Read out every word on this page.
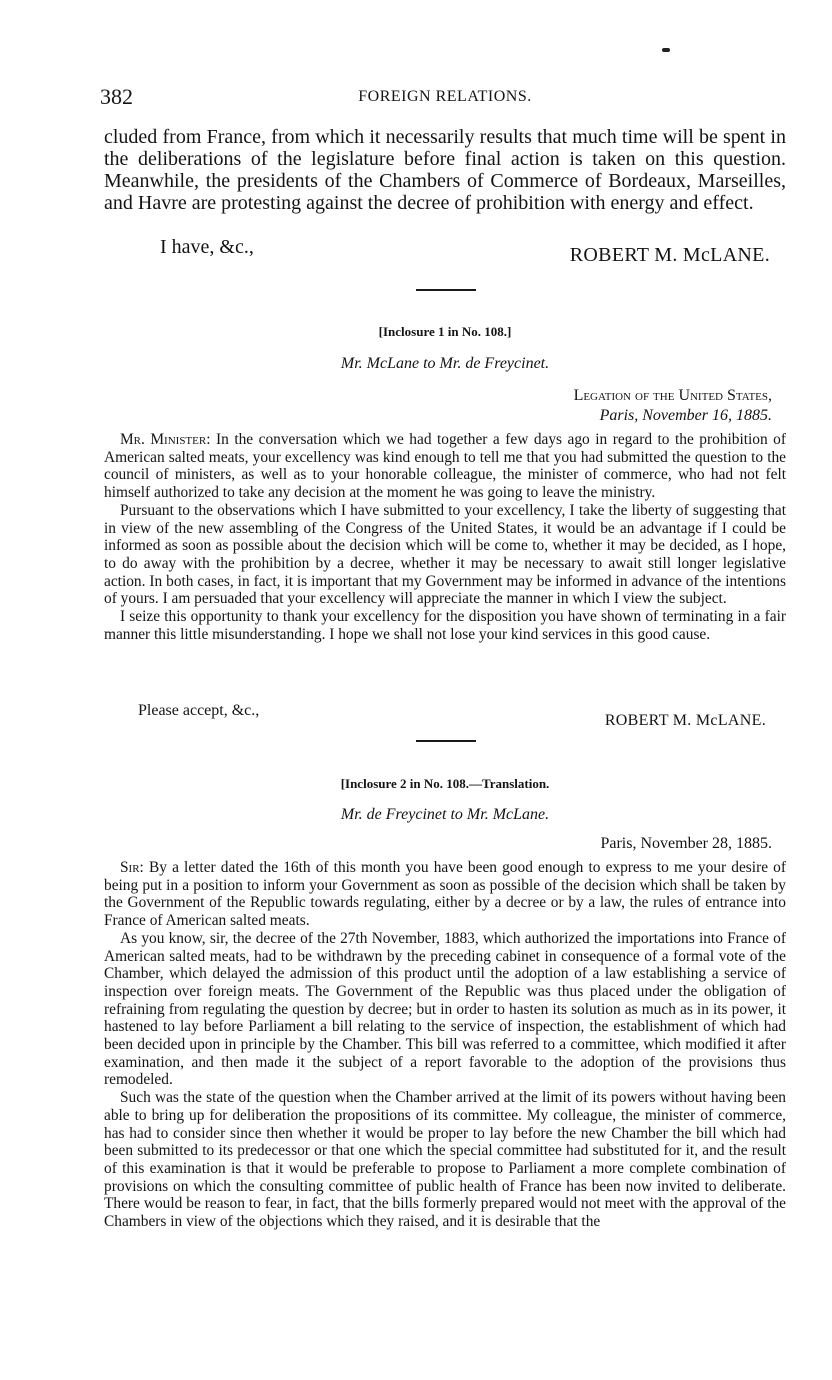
382	FOREIGN RELATIONS.

cluded from France, from which it necessarily results that much time will be spent in the deliberations of the legislature before final action is taken on this question. Meanwhile, the presidents of the Chambers of Commerce of Bordeaux, Marseilles, and Havre are protesting against the decree of prohibition with energy and effect.

I have, &c.,	ROBERT M. McLANE.
[Inclosure 1 in No. 108.]
Mr. McLane to Mr. de Freycinet.
Legation of the United States,
Paris, November 16, 1885.

Mr. Minister: In the conversation which we had together a few days ago in regard to the prohibition of American salted meats, your excellency was kind enough to tell me that you had submitted the question to the council of ministers, as well as to your honorable colleague, the minister of commerce, who had not felt himself authorized to take any decision at the moment he was going to leave the ministry.

Pursuant to the observations which I have submitted to your excellency, I take the liberty of suggesting that in view of the new assembling of the Congress of the United States, it would be an advantage if I could be informed as soon as possible about the decision which will be come to, whether it may be decided, as I hope, to do away with the prohibition by a decree, whether it may be necessary to await still longer legislative action. In both cases, in fact, it is important that my Government may be informed in advance of the intentions of yours. I am persuaded that your excellency will appreciate the manner in which I view the subject.

I seize this opportunity to thank your excellency for the disposition you have shown of terminating in a fair manner this little misunderstanding. I hope we shall not lose your kind services in this good cause.

Please accept, &c.,
ROBERT M. McLANE.
[Inclosure 2 in No. 108.—Translation.
Mr. de Freycinet to Mr. McLane.
Paris, November 28, 1885.

Sir: By a letter dated the 16th of this month you have been good enough to express to me your desire of being put in a position to inform your Government as soon as possible of the decision which shall be taken by the Government of the Republic towards regulating, either by a decree or by a law, the rules of entrance into France of American salted meats.

As you know, sir, the decree of the 27th November, 1883, which authorized the importations into France of American salted meats, had to be withdrawn by the preceding cabinet in consequence of a formal vote of the Chamber, which delayed the admission of this product until the adoption of a law establishing a service of inspection over foreign meats. The Government of the Republic was thus placed under the obligation of refraining from regulating the question by decree; but in order to hasten its solution as much as in its power, it hastened to lay before Parliament a bill relating to the service of inspection, the establishment of which had been decided upon in principle by the Chamber. This bill was referred to a committee, which modified it after examination, and then made it the subject of a report favorable to the adoption of the provisions thus remodeled.

Such was the state of the question when the Chamber arrived at the limit of its powers without having been able to bring up for deliberation the propositions of its committee. My colleague, the minister of commerce, has had to consider since then whether it would be proper to lay before the new Chamber the bill which had been submitted to its predecessor or that one which the special committee had substituted for it, and the result of this examination is that it would be preferable to propose to Parliament a more complete combination of provisions on which the consulting committee of public health of France has been now invited to deliberate. There would be reason to fear, in fact, that the bills formerly prepared would not meet with the approval of the Chambers in view of the objections which they raised, and it is desirable that the
